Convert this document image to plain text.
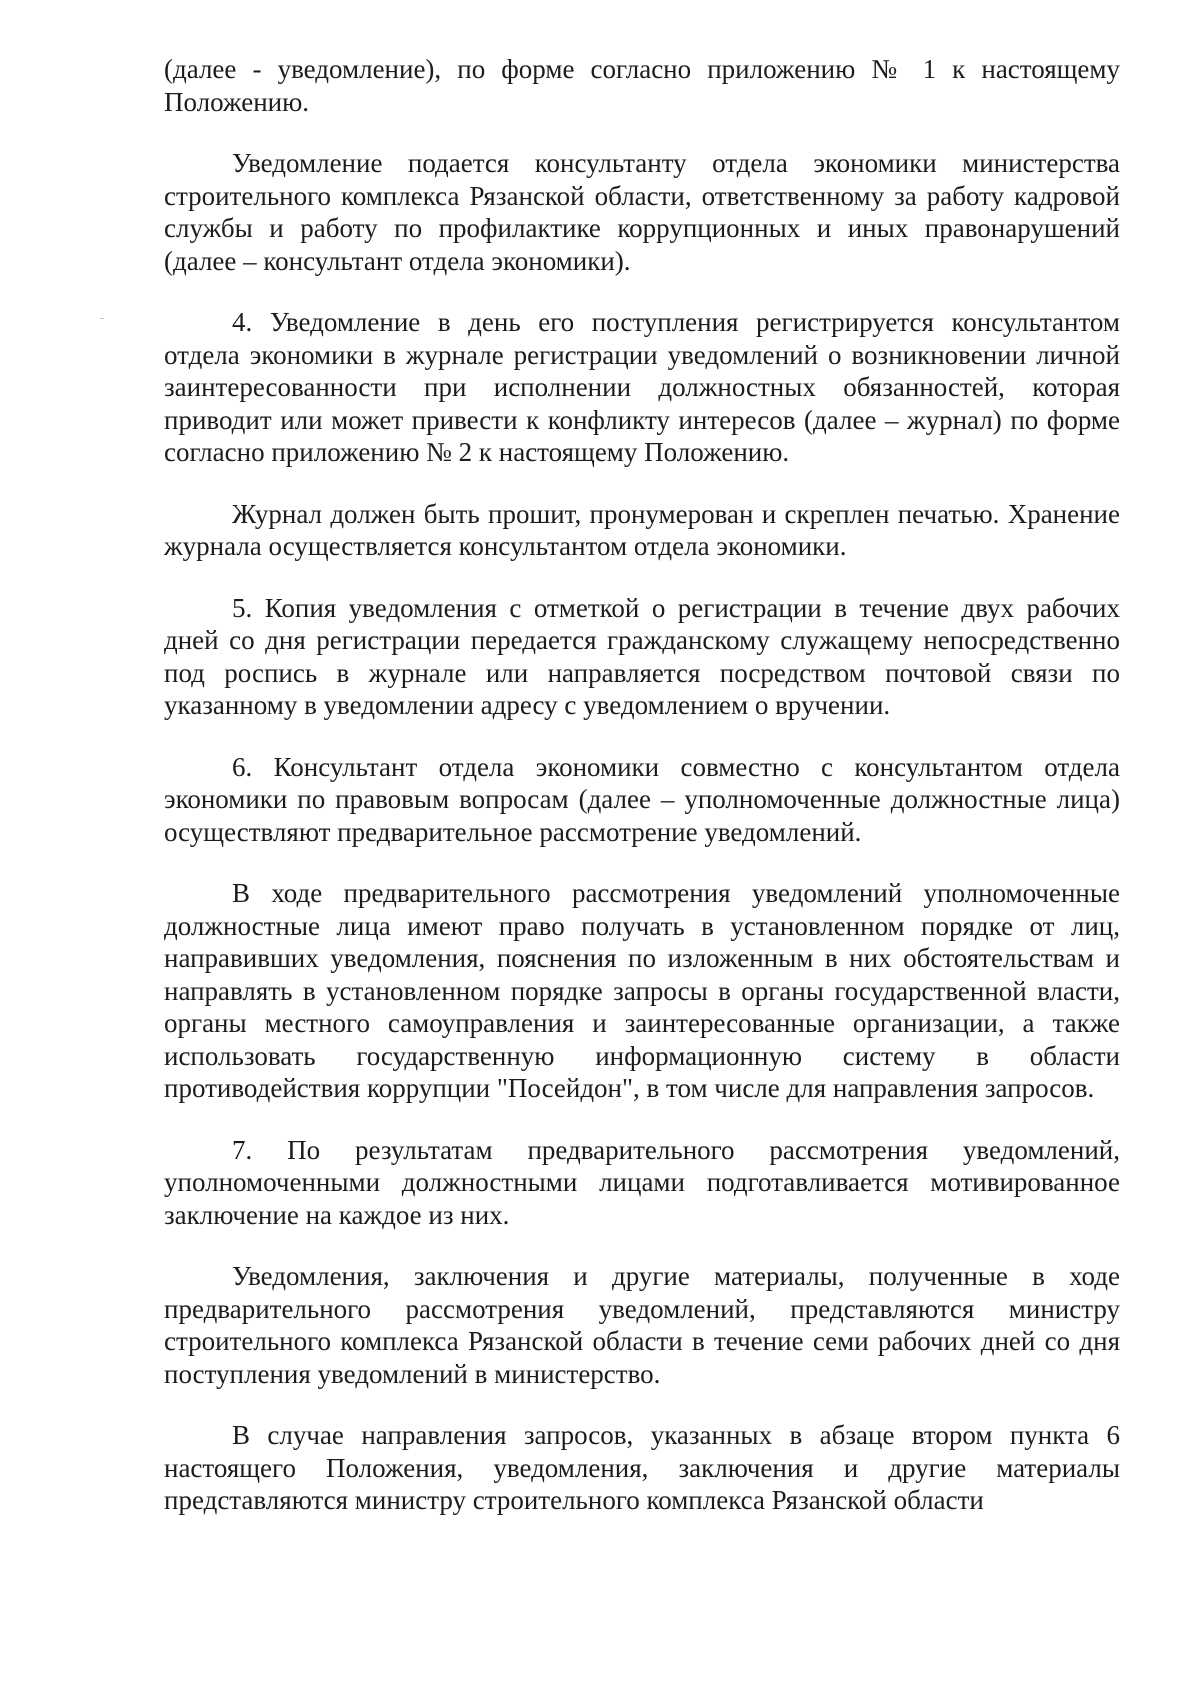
(далее - уведомление), по форме согласно приложению № 1 к настоящему Положению.

Уведомление подается консультанту отдела экономики министерства строительного комплекса Рязанской области, ответственному за работу кадровой службы и работу по профилактике коррупционных и иных правонарушений (далее – консультант отдела экономики).

4. Уведомление в день его поступления регистрируется консультантом отдела экономики в журнале регистрации уведомлений о возникновении личной заинтересованности при исполнении должностных обязанностей, которая приводит или может привести к конфликту интересов (далее – журнал) по форме согласно приложению № 2 к настоящему Положению.

Журнал должен быть прошит, пронумерован и скреплен печатью. Хранение журнала осуществляется консультантом отдела экономики.

5. Копия уведомления с отметкой о регистрации в течение двух рабочих дней со дня регистрации передается гражданскому служащему непосредственно под роспись в журнале или направляется посредством почтовой связи по указанному в уведомлении адресу с уведомлением о вручении.

6. Консультант отдела экономики совместно с консультантом отдела экономики по правовым вопросам (далее – уполномоченные должностные лица) осуществляют предварительное рассмотрение уведомлений.

В ходе предварительного рассмотрения уведомлений уполномоченные должностные лица имеют право получать в установленном порядке от лиц, направивших уведомления, пояснения по изложенным в них обстоятельствам и направлять в установленном порядке запросы в органы государственной власти, органы местного самоуправления и заинтересованные организации, а также использовать государственную информационную систему в области противодействия коррупции "Посейдон", в том числе для направления запросов.

7. По результатам предварительного рассмотрения уведомлений, уполномоченными должностными лицами подготавливается мотивированное заключение на каждое из них.

Уведомления, заключения и другие материалы, полученные в ходе предварительного рассмотрения уведомлений, представляются министру строительного комплекса Рязанской области в течение семи рабочих дней со дня поступления уведомлений в министерство.

В случае направления запросов, указанных в абзаце втором пункта 6 настоящего Положения, уведомления, заключения и другие материалы представляются министру строительного комплекса Рязанской области
